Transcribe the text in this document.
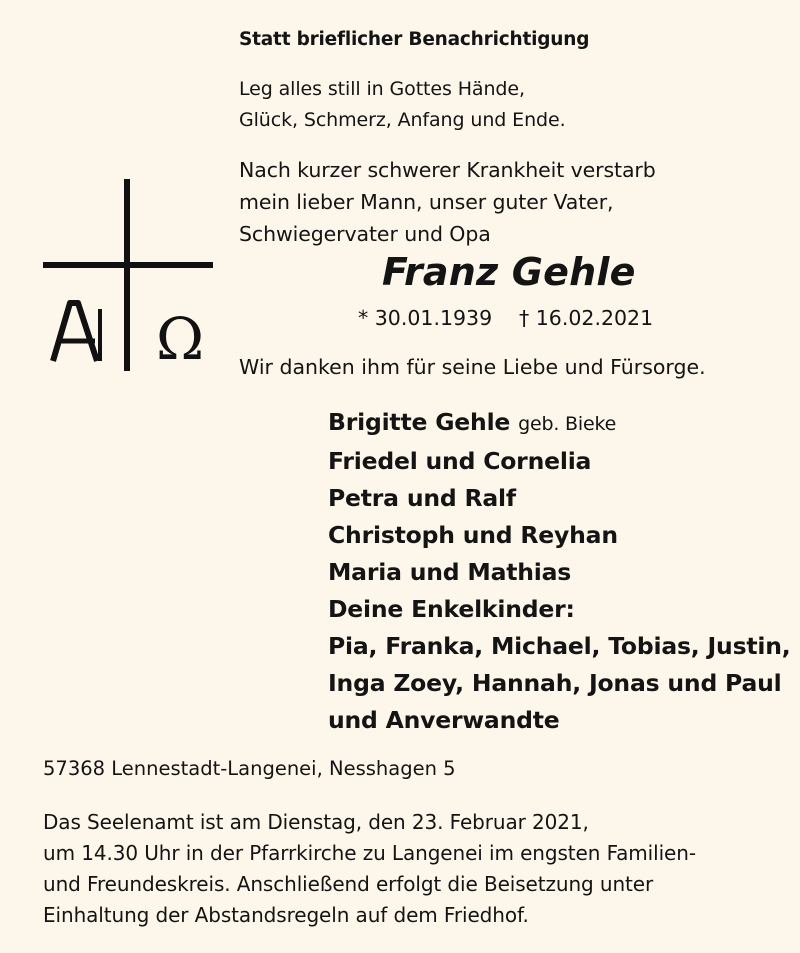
Statt brieflicher Benachrichtigung
Leg alles still in Gottes Hände,
Glück, Schmerz, Anfang und Ende.
Nach kurzer schwerer Krankheit verstarb
mein lieber Mann, unser guter Vater,
Schwiegervater und Opa
Ω
Franz Gehle
* 30.01.1939 † 16.02.2021
Wir danken ihm für seine Liebe und Fürsorge.
Brigitte Gehle geb. Bieke
Friedel und Cornelia
Petra und Ralf
Christoph und Reyhan
Maria und Mathias
Deine Enkelkinder:
Pia, Franka, Michael, Tobias, Justin,
Inga Zoey, Hannah, Jonas und Paul
und Anverwandte
57368 Lennestadt-Langenei, Nesshagen 5
Das Seelenamt ist am Dienstag, den 23. Februar 2021,
um 14.30 Uhr in der Pfarrkirche zu Langenei im engsten Familien-
und Freundeskreis. Anschließend erfolgt die Beisetzung unter
Einhaltung der Abstandsregeln auf dem Friedhof.
